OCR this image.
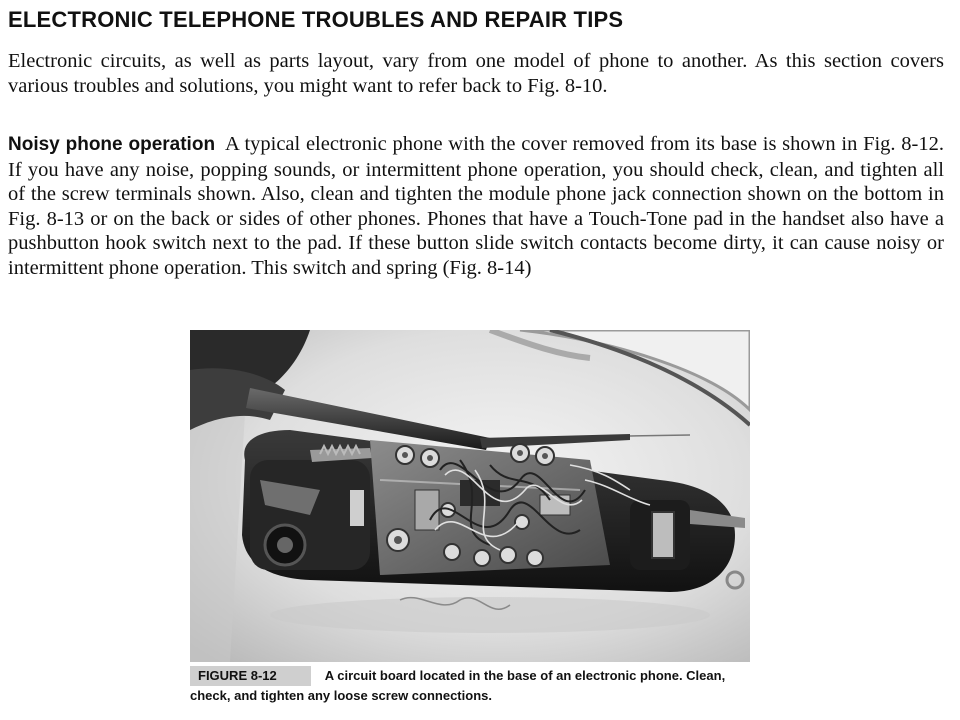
ELECTRONIC TELEPHONE TROUBLES AND REPAIR TIPS

Electronic circuits, as well as parts layout, vary from one model of phone to another. As this section covers various troubles and solutions, you might want to refer back to Fig. 8-10.

Noisy phone operation A typical electronic phone with the cover removed from its base is shown in Fig. 8-12. If you have any noise, popping sounds, or intermittent phone operation, you should check, clean, and tighten all of the screw terminals shown. Also, clean and tighten the module phone jack connection shown on the bottom in Fig. 8-13 or on the back or sides of other phones. Phones that have a Touch-Tone pad in the handset also have a pushbutton hook switch next to the pad. If these button slide switch contacts become dirty, it can cause noisy or intermittent phone operation. This switch and spring (Fig. 8-14)

FIGURE 8-12	A circuit board located in the base of an electronic phone. Clean, check, and tighten any loose screw connections.
